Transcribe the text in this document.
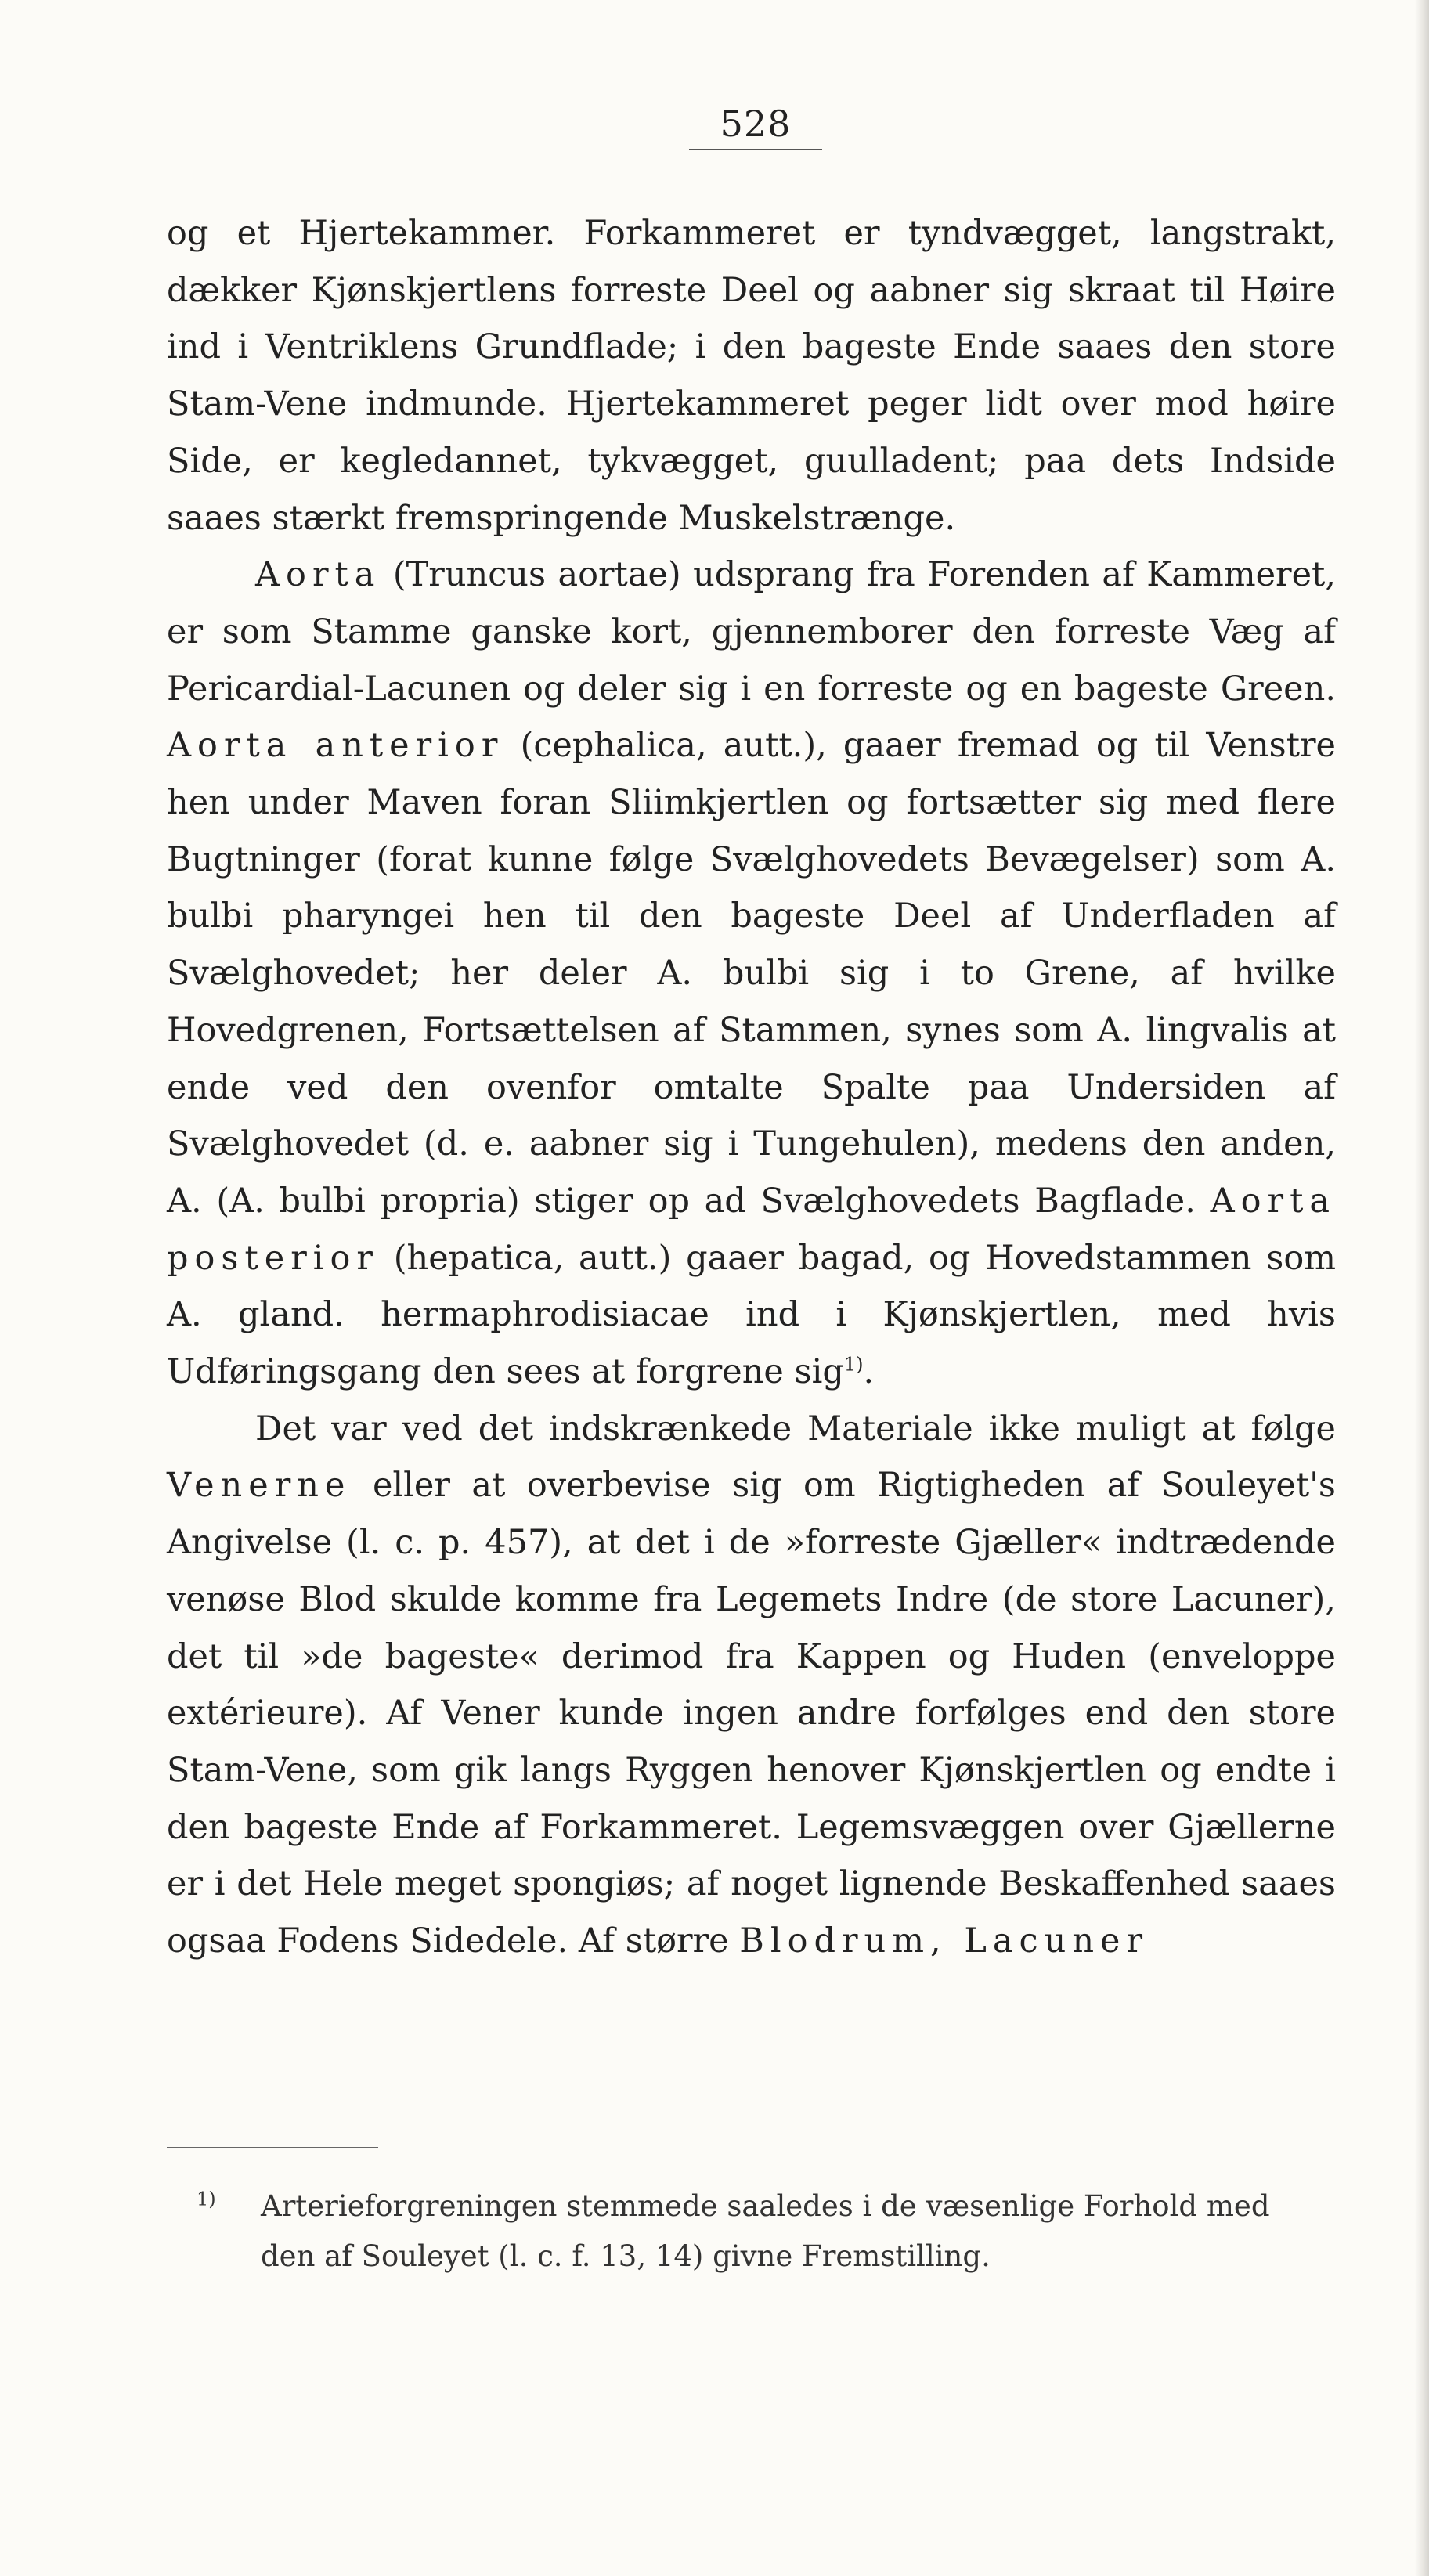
528

og et Hjertekammer. Forkammeret er tyndvægget, langstrakt, dækker Kjønskjertlens forreste Deel og aabner sig skraat til Høire ind i Ventriklens Grundflade; i den bageste Ende saaes den store Stam-Vene indmunde. Hjertekammeret peger lidt over mod høire Side, er kegledannet, tykvægget, guulladent; paa dets Indside saaes stærkt fremspringende Muskelstrænge.

Aorta (Truncus aortae) udsprang fra Forenden af Kammeret, er som Stamme ganske kort, gjennemborer den forreste Væg af Pericardial-Lacunen og deler sig i en forreste og en bageste Green. Aorta anterior (cephalica, autt.), gaaer fremad og til Venstre hen under Maven foran Sliimkjertlen og fortsætter sig med flere Bugtninger (forat kunne følge Svælghovedets Bevægelser) som A. bulbi pharyngei hen til den bageste Deel af Underfladen af Svælghovedet; her deler A. bulbi sig i to Grene, af hvilke Hovedgrenen, Fortsættelsen af Stammen, synes som A. lingvalis at ende ved den ovenfor omtalte Spalte paa Undersiden af Svælghovedet (d. e. aabner sig i Tungehulen), medens den anden, A. (A. bulbi propria) stiger op ad Svælghovedets Bagflade. Aorta posterior (hepatica, autt.) gaaer bagad, og Hovedstammen som A. gland. hermaphrodisiacae ind i Kjønskjertlen, med hvis Udføringsgang den sees at forgrene sig$^{1)}$.

Det var ved det indskrænkede Materiale ikke muligt at følge Venerne eller at overbevise sig om Rigtigheden af Souleyet's Angivelse (l. c. p. 457), at det i de »forreste Gjæller« indtrædende venøse Blod skulde komme fra Legemets Indre (de store Lacuner), det til »de bageste« derimod fra Kappen og Huden (enveloppe extérieure). Af Vener kunde ingen andre forfølges end den store Stam-Vene, som gik langs Ryggen henover Kjønskjertlen og endte i den bageste Ende af Forkammeret. Legemsvæggen over Gjællerne er i det Hele meget spongiøs; af noget lignende Beskaffenhed saaes ogsaa Fodens Sidedele. Af større Blodrum, Lacuner

$^{1)}$ Arterieforgreningen stemmede saaledes i de væsenlige Forhold med den af Souleyet (l. c. f. 13, 14) givne Fremstilling.
